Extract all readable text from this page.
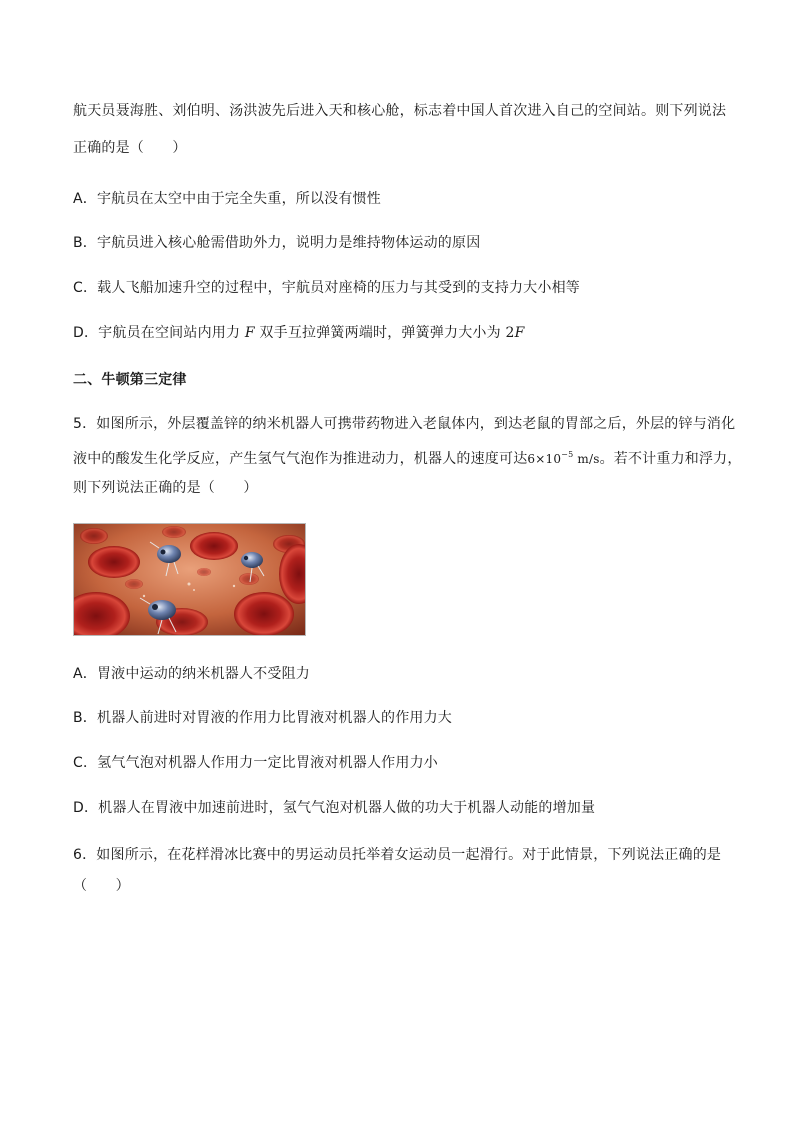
航天员聂海胜、刘伯明、汤洪波先后进入天和核心舱，标志着中国人首次进入自己的空间站。则下列说法
正确的是（　　）
A．宇航员在太空中由于完全失重，所以没有惯性
B．宇航员进入核心舱需借助外力，说明力是维持物体运动的原因
C．载人飞船加速升空的过程中，宇航员对座椅的压力与其受到的支持力大小相等
D．宇航员在空间站内用力 F 双手互拉弹簧两端时，弹簧弹力大小为 2F
二、牛顿第三定律
5．如图所示，外层覆盖锌的纳米机器人可携带药物进入老鼠体内，到达老鼠的胃部之后，外层的锌与消化
液中的酸发生化学反应，产生氢气气泡作为推进动力，机器人的速度可达$6\times 10^{-5}$ m/s。若不计重力和浮力，
则下列说法正确的是（　　）
A．胃液中运动的纳米机器人不受阻力
B．机器人前进时对胃液的作用力比胃液对机器人的作用力大
C．氢气气泡对机器人作用力一定比胃液对机器人作用力小
D．机器人在胃液中加速前进时，氢气气泡对机器人做的功大于机器人动能的增加量
6．如图所示，在花样滑冰比赛中的男运动员托举着女运动员一起滑行。对于此情景，下列说法正确的是
（　　）
